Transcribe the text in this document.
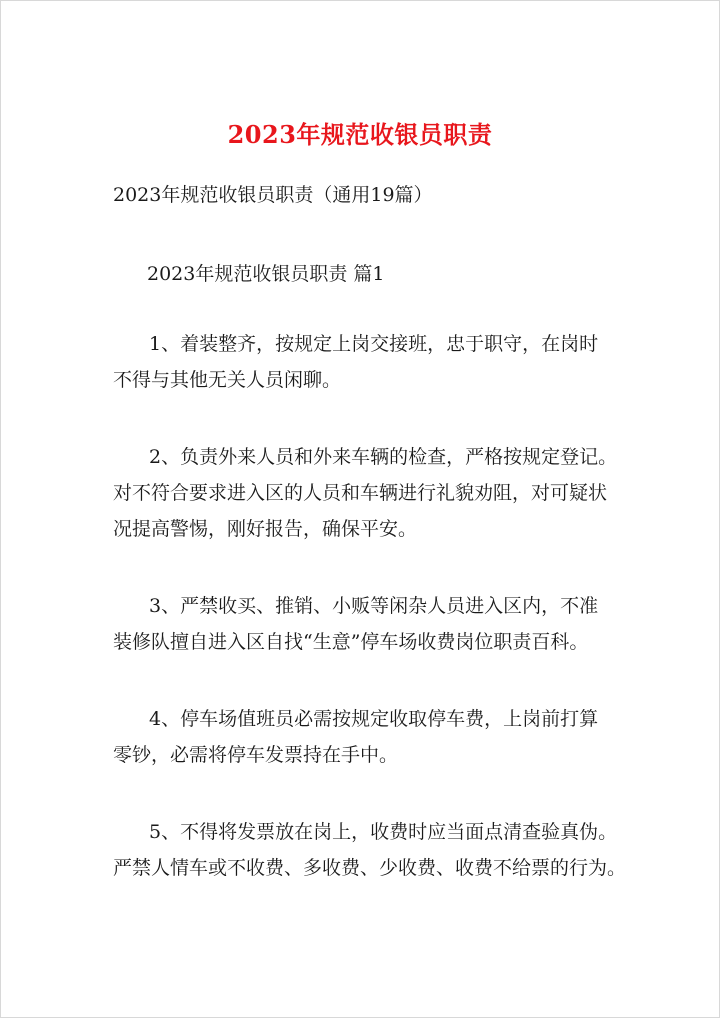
2023年规范收银员职责
2023年规范收银员职责（通用19篇）
2023年规范收银员职责 篇1
1、着装整齐，按规定上岗交接班，忠于职守，在岗时
不得与其他无关人员闲聊。
2、负责外来人员和外来车辆的检查，严格按规定登记。
对不符合要求进入区的人员和车辆进行礼貌劝阻，对可疑状
况提高警惕，刚好报告，确保平安。
3、严禁收买、推销、小贩等闲杂人员进入区内，不准
装修队擅自进入区自找“生意”停车场收费岗位职责百科。
4、停车场值班员必需按规定收取停车费，上岗前打算
零钞，必需将停车发票持在手中。
5、不得将发票放在岗上，收费时应当面点清查验真伪。
严禁人情车或不收费、多收费、少收费、收费不给票的行为。
